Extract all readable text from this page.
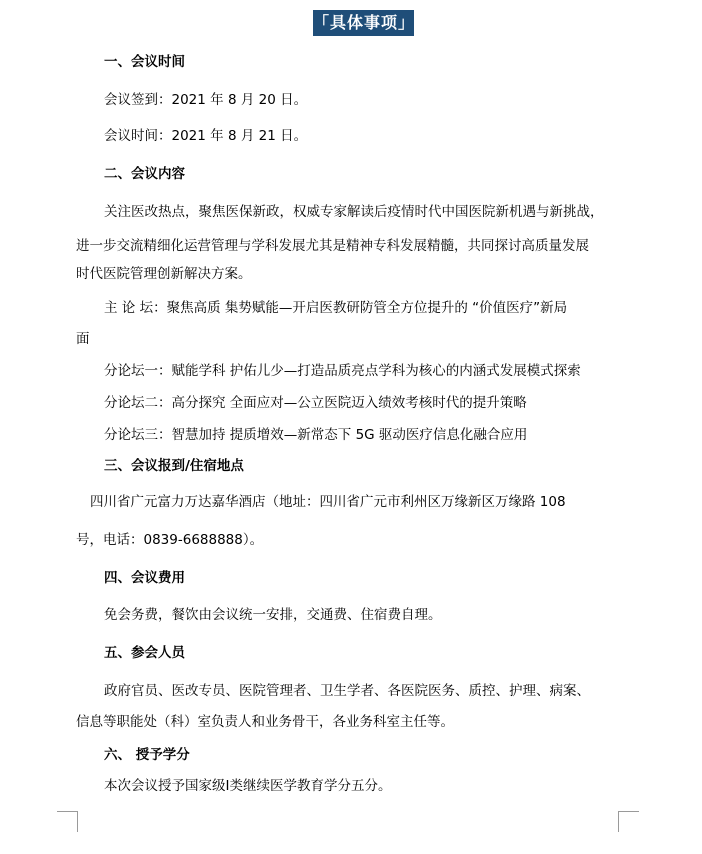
「具体事项」
一、会议时间
会议签到：2021 年 8 月 20 日。
会议时间：2021 年 8 月 21 日。
二、会议内容
关注医改热点，聚焦医保新政，权威专家解读后疫情时代中国医院新机遇与新挑战，
进一步交流精细化运营管理与学科发展尤其是精神专科发展精髓，共同探讨高质量发展
时代医院管理创新解决方案。
主 论 坛：聚焦高质 集势赋能—开启医教研防管全方位提升的 “价值医疗”新局
面
分论坛一：赋能学科 护佑儿少—打造品质亮点学科为核心的内涵式发展模式探索
分论坛二：高分探究 全面应对—公立医院迈入绩效考核时代的提升策略
分论坛三：智慧加持 提质增效—新常态下 5G 驱动医疗信息化融合应用
三、会议报到/住宿地点
四川省广元富力万达嘉华酒店（地址：四川省广元市利州区万缘新区万缘路 108
号，电话：0839-6688888）。
四、会议费用
免会务费，餐饮由会议统一安排，交通费、住宿费自理。
五、参会人员
政府官员、医改专员、医院管理者、卫生学者、各医院医务、质控、护理、病案、
信息等职能处（科）室负责人和业务骨干，各业务科室主任等。
六、 授予学分
本次会议授予国家级Ⅰ类继续医学教育学分五分。
